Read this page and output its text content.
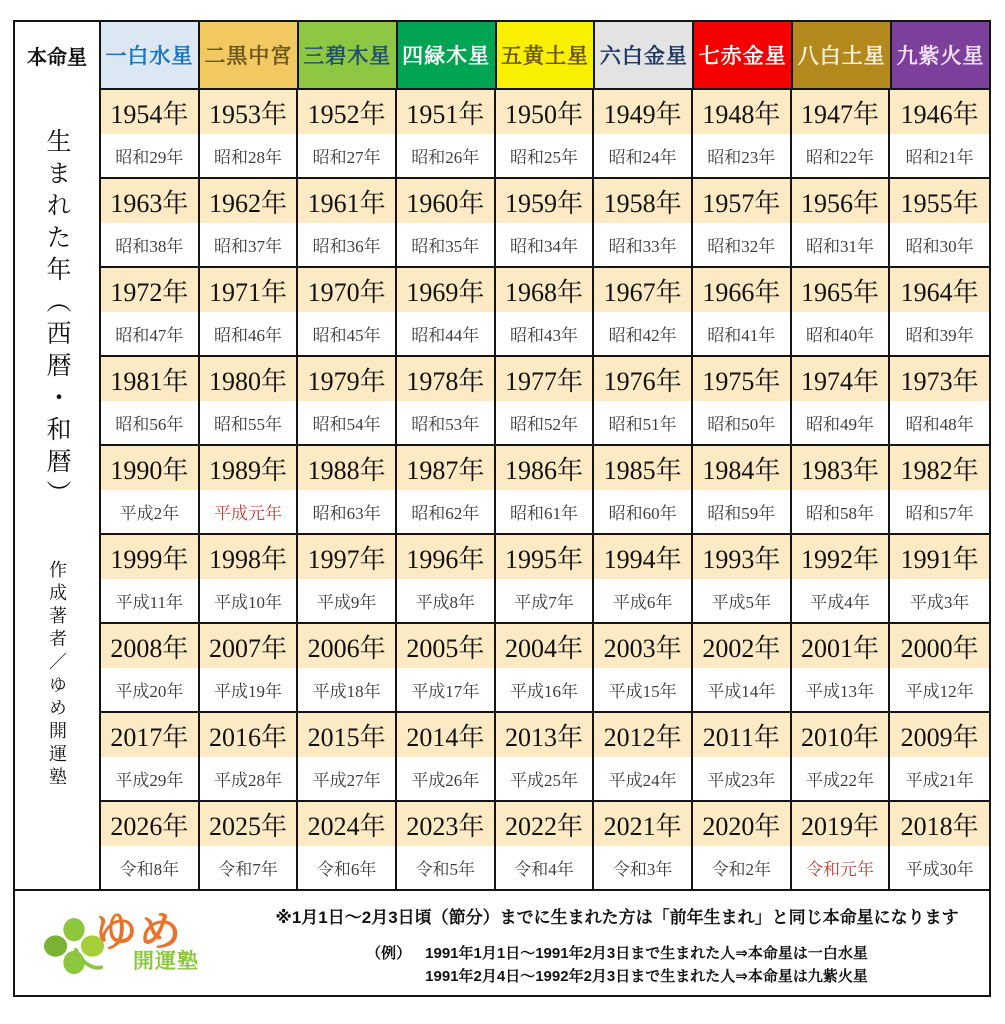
本命星 一白水星 二黒中宮 三碧木星 四緑木星 五黄土星 六白金星 七赤金星 八白土星 九紫火星
生まれた年（西暦・和暦）
作成著者／ゆめ開運塾
1954年 1953年 1952年 1951年 1950年 1949年 1948年 1947年 1946年
昭和29年	昭和28年	昭和27年	昭和26年	昭和25年	昭和24年	昭和23年	昭和22年	昭和21年
1963年 1962年 1961年 1960年 1959年 1958年 1957年 1956年 1955年
昭和38年	昭和37年	昭和36年	昭和35年	昭和34年	昭和33年	昭和32年	昭和31年	昭和30年
1972年 1971年 1970年 1969年 1968年 1967年 1966年 1965年 1964年
昭和47年	昭和46年	昭和45年	昭和44年	昭和43年	昭和42年	昭和41年	昭和40年	昭和39年
1981年 1980年 1979年 1978年 1977年 1976年 1975年 1974年 1973年
昭和56年	昭和55年	昭和54年	昭和53年	昭和52年	昭和51年	昭和50年	昭和49年	昭和48年
1990年 1989年 1988年 1987年 1986年 1985年 1984年 1983年 1982年
平成2年	平成元年	昭和63年	昭和62年	昭和61年	昭和60年	昭和59年	昭和58年	昭和57年
1999年 1998年 1997年 1996年 1995年 1994年 1993年 1992年 1991年
平成11年	平成10年	平成9年	平成8年	平成7年	平成6年	平成5年	平成4年	平成3年
2008年 2007年 2006年 2005年 2004年 2003年 2002年 2001年 2000年
平成20年	平成19年	平成18年	平成17年	平成16年	平成15年	平成14年	平成13年	平成12年
2017年 2016年 2015年 2014年 2013年 2012年 2011年 2010年 2009年
平成29年	平成28年	平成27年	平成26年	平成25年	平成24年	平成23年	平成22年	平成21年
2026年 2025年 2024年 2023年 2022年 2021年 2020年 2019年 2018年
令和8年	令和7年	令和6年	令和5年	令和4年	令和3年	令和2年	令和元年	平成30年
ゆめ
開運塾
※1月1日〜2月3日頃（節分）までに生まれた方は「前年生まれ」と同じ本命星になります
（例） 1991年1月1日〜1991年2月3日まで生まれた人⇒本命星は一白水星
1991年2月4日〜1992年2月3日まで生まれた人⇒本命星は九紫火星
